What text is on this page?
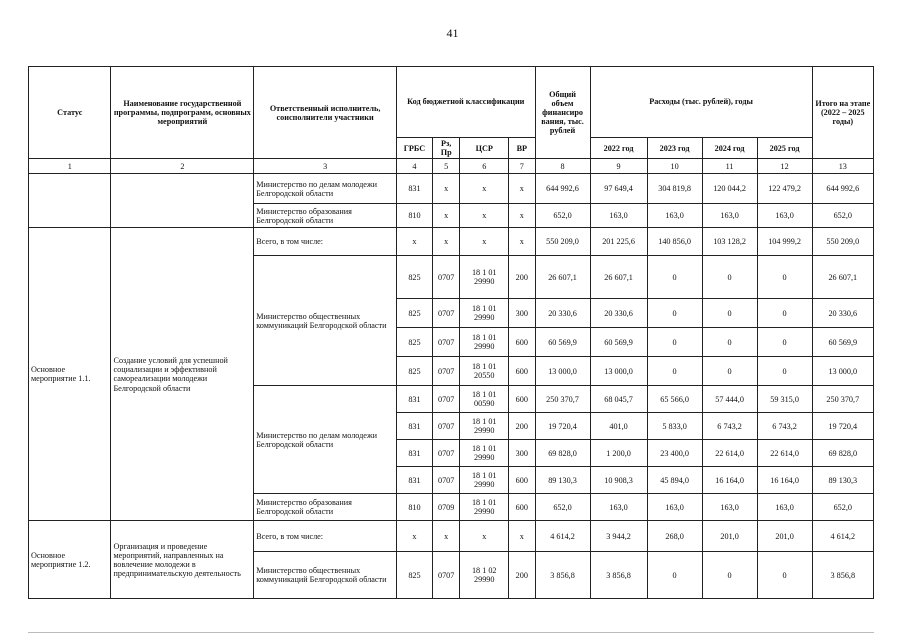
41
Статус	Наименование государственной программы, подпрограмм, основных мероприятий	Ответственный исполнитель, соисполнители участники	Код бюджетной классификации				Общий объем финансиро вания, тыс. рублей	Расходы (тыс. рублей), годы				Итого на этапе (2022 – 2025 годы)
			ГРБС	Рз, Пр	ЦСР	ВР		2022 год	2023 год	2024 год	2025 год	
1	2	3	4	5	6	7	8	9	10	11	12	13
		Министерство по делам молодежи Белгородской области	831	х	х	х	644 992,6	97 649,4	304 819,8	120 044,2	122 479,2	644 992,6
		Министерство образования Белгородской области	810	х	х	х	652,0	163,0	163,0	163,0	163,0	652,0
Основное мероприятие 1.1.	Создание условий для успешной социализации и эффективной самореализации молодежи Белгородской области	Всего, в том числе:	х	х	х	х	550 209,0	201 225,6	140 856,0	103 128,2	104 999,2	550 209,0
		Министерство общественных коммуникаций Белгородской области	825	0707	18 1 01 29990	200	26 607,1	26 607,1	0	0	0	26 607,1
			825	0707	18 1 01 29990	300	20 330,6	20 330,6	0	0	0	20 330,6
			825	0707	18 1 01 29990	600	60 569,9	60 569,9	0	0	0	60 569,9
			825	0707	18 1 01 20550	600	13 000,0	13 000,0	0	0	0	13 000,0
		Министерство по делам молодежи Белгородской области	831	0707	18 1 01 00590	600	250 370,7	68 045,7	65 566,0	57 444,0	59 315,0	250 370,7
			831	0707	18 1 01 29990	200	19 720,4	401,0	5 833,0	6 743,2	6 743,2	19 720,4
			831	0707	18 1 01 29990	300	69 828,0	1 200,0	23 400,0	22 614,0	22 614,0	69 828,0
			831	0707	18 1 01 29990	600	89 130,3	10 908,3	45 894,0	16 164,0	16 164,0	89 130,3
		Министерство образования Белгородской области	810	0709	18 1 01 29990	600	652,0	163,0	163,0	163,0	163,0	652,0
Основное мероприятие 1.2.	Организация и проведение мероприятий, направленных на вовлечение молодежи в предпринимательскую деятельность	Всего, в том числе:	х	х	х	х	4 614,2	3 944,2	268,0	201,0	201,0	4 614,2
		Министерство общественных коммуникаций Белгородской области	825	0707	18 1 02 29990	200	3 856,8	3 856,8	0	0	0	3 856,8
